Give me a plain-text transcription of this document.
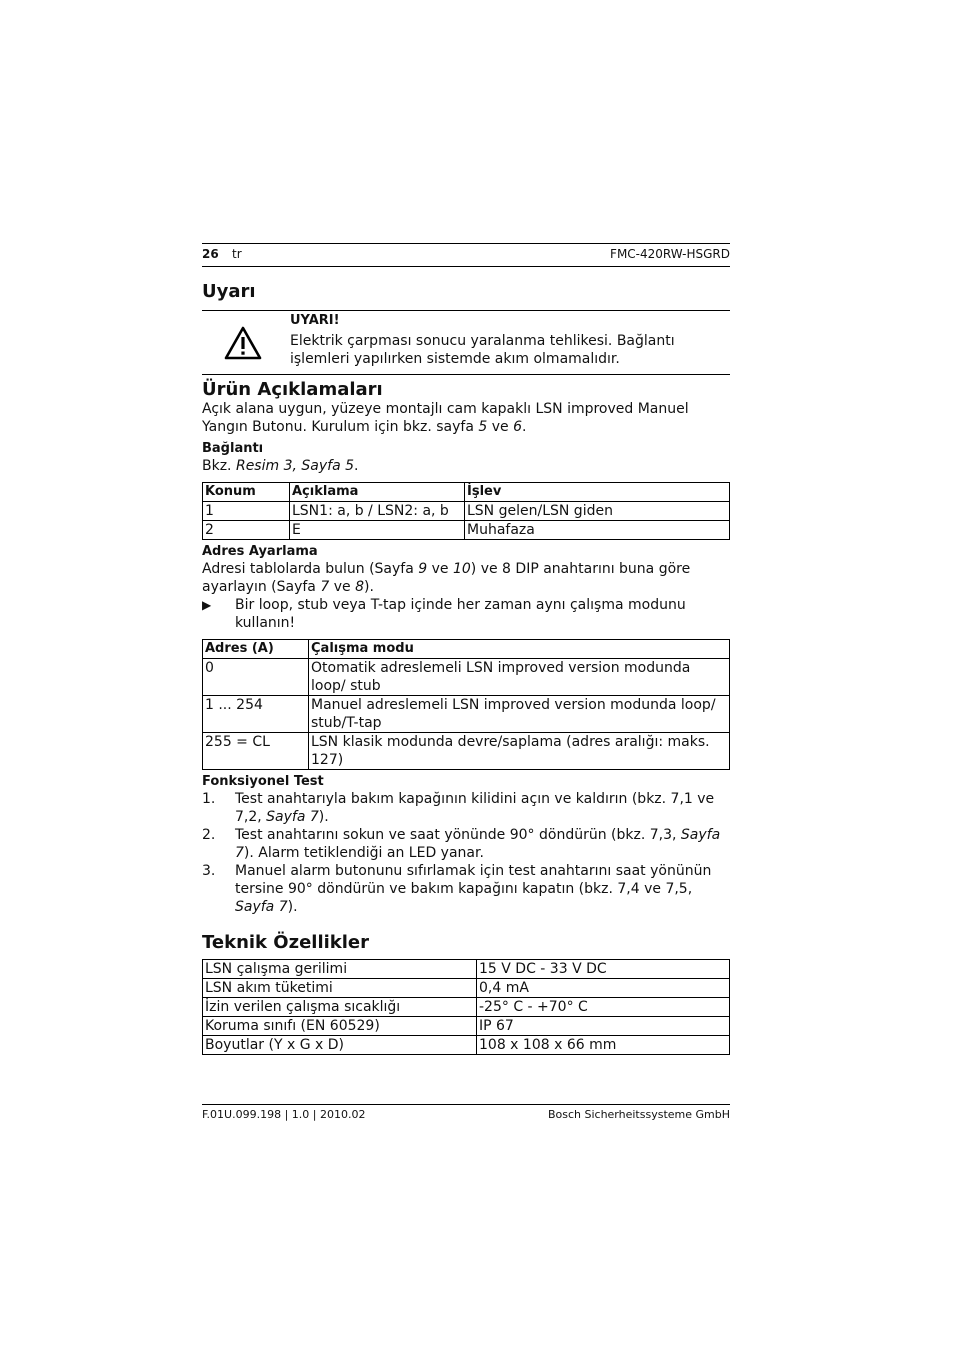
26 tr	FMC-420RW-HSGRD
Uyarı
UYARI!
Elektrik çarpması sonucu yaralanma tehlikesi. Bağlantı işlemleri yapılırken sistemde akım olmamalıdır.
Ürün Açıklamaları

Açık alana uygun, yüzeye montajlı cam kapaklı LSN improved Manuel Yangın Butonu. Kurulum için bkz. sayfa 5 ve 6.

Bağlantı

Bkz. Resim 3, Sayfa 5.

Konum	Açıklama	İşlev
1	LSN1: a, b / LSN2: a, b	LSN gelen/LSN giden
2	E	Muhafaza
Adres Ayarlama

Adresi tablolarda bulun (Sayfa 9 ve 10) ve 8 DIP anahtarını buna göre ayarlayın (Sayfa 7 ve 8).

▶	Bir loop, stub veya T-tap içinde her zaman aynı çalışma modunu kullanın!
Adres (A)	Çalışma modu
0	Otomatik adreslemeli LSN improved version modunda loop/ stub
1 ... 254	Manuel adreslemeli LSN improved version modunda loop/ stub/T-tap
255 = CL	LSN klasik modunda devre/saplama (adres aralığı: maks. 127)
Fonksiyonel Test
1.	Test anahtarıyla bakım kapağının kilidini açın ve kaldırın (bkz. 7,1 ve 7,2, Sayfa 7).
2.	Test anahtarını sokun ve saat yönünde 90° döndürün (bkz. 7,3, Sayfa 7). Alarm tetiklendiği an LED yanar.
3.	Manuel alarm butonunu sıfırlamak için test anahtarını saat yönünün tersine 90° döndürün ve bakım kapağını kapatın (bkz. 7,4 ve 7,5, Sayfa 7).
Teknik Özellikler
LSN çalışma gerilimi	15 V DC - 33 V DC
LSN akım tüketimi	0,4 mA
İzin verilen çalışma sıcaklığı	-25° C - +70° C
Koruma sınıfı (EN 60529)	IP 67
Boyutlar (Y x G x D)	108 x 108 x 66 mm
F.01U.099.198 | 1.0 | 2010.02	Bosch Sicherheitssysteme GmbH
